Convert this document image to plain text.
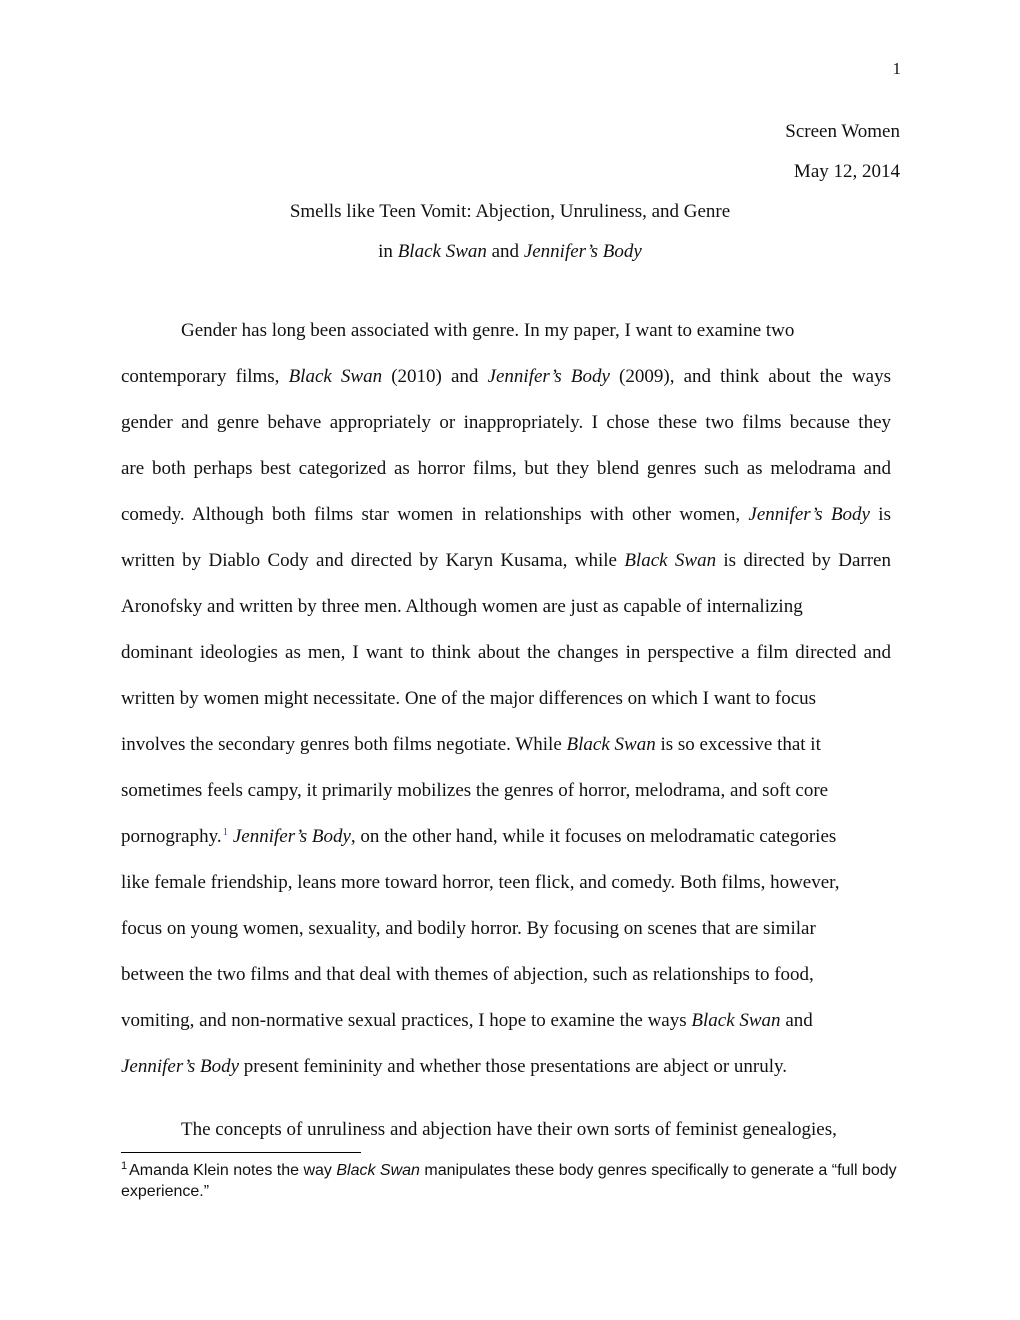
1
Screen Women
May 12, 2014
Smells like Teen Vomit: Abjection, Unruliness, and Genre
in Black Swan and Jennifer’s Body
Gender has long been associated with genre. In my paper, I want to examine two
contemporary films, Black Swan (2010) and Jennifer’s Body (2009), and think about the ways
gender and genre behave appropriately or inappropriately. I chose these two films because they
are both perhaps best categorized as horror films, but they blend genres such as melodrama and
comedy. Although both films star women in relationships with other women, Jennifer’s Body is
written by Diablo Cody and directed by Karyn Kusama, while Black Swan is directed by Darren
Aronofsky and written by three men. Although women are just as capable of internalizing
dominant ideologies as men, I want to think about the changes in perspective a film directed and
written by women might necessitate. One of the major differences on which I want to focus
involves the secondary genres both films negotiate. While Black Swan is so excessive that it
sometimes feels campy, it primarily mobilizes the genres of horror, melodrama, and soft core
pornography.$^1$ Jennifer’s Body, on the other hand, while it focuses on melodramatic categories
like female friendship, leans more toward horror, teen flick, and comedy. Both films, however,
focus on young women, sexuality, and bodily horror. By focusing on scenes that are similar
between the two films and that deal with themes of abjection, such as relationships to food,
vomiting, and non-normative sexual practices, I hope to examine the ways Black Swan and
Jennifer’s Body present femininity and whether those presentations are abject or unruly.
The concepts of unruliness and abjection have their own sorts of feminist genealogies,
$^1$ Amanda Klein notes the way Black Swan manipulates these body genres specifically to generate a “full body experience.”
